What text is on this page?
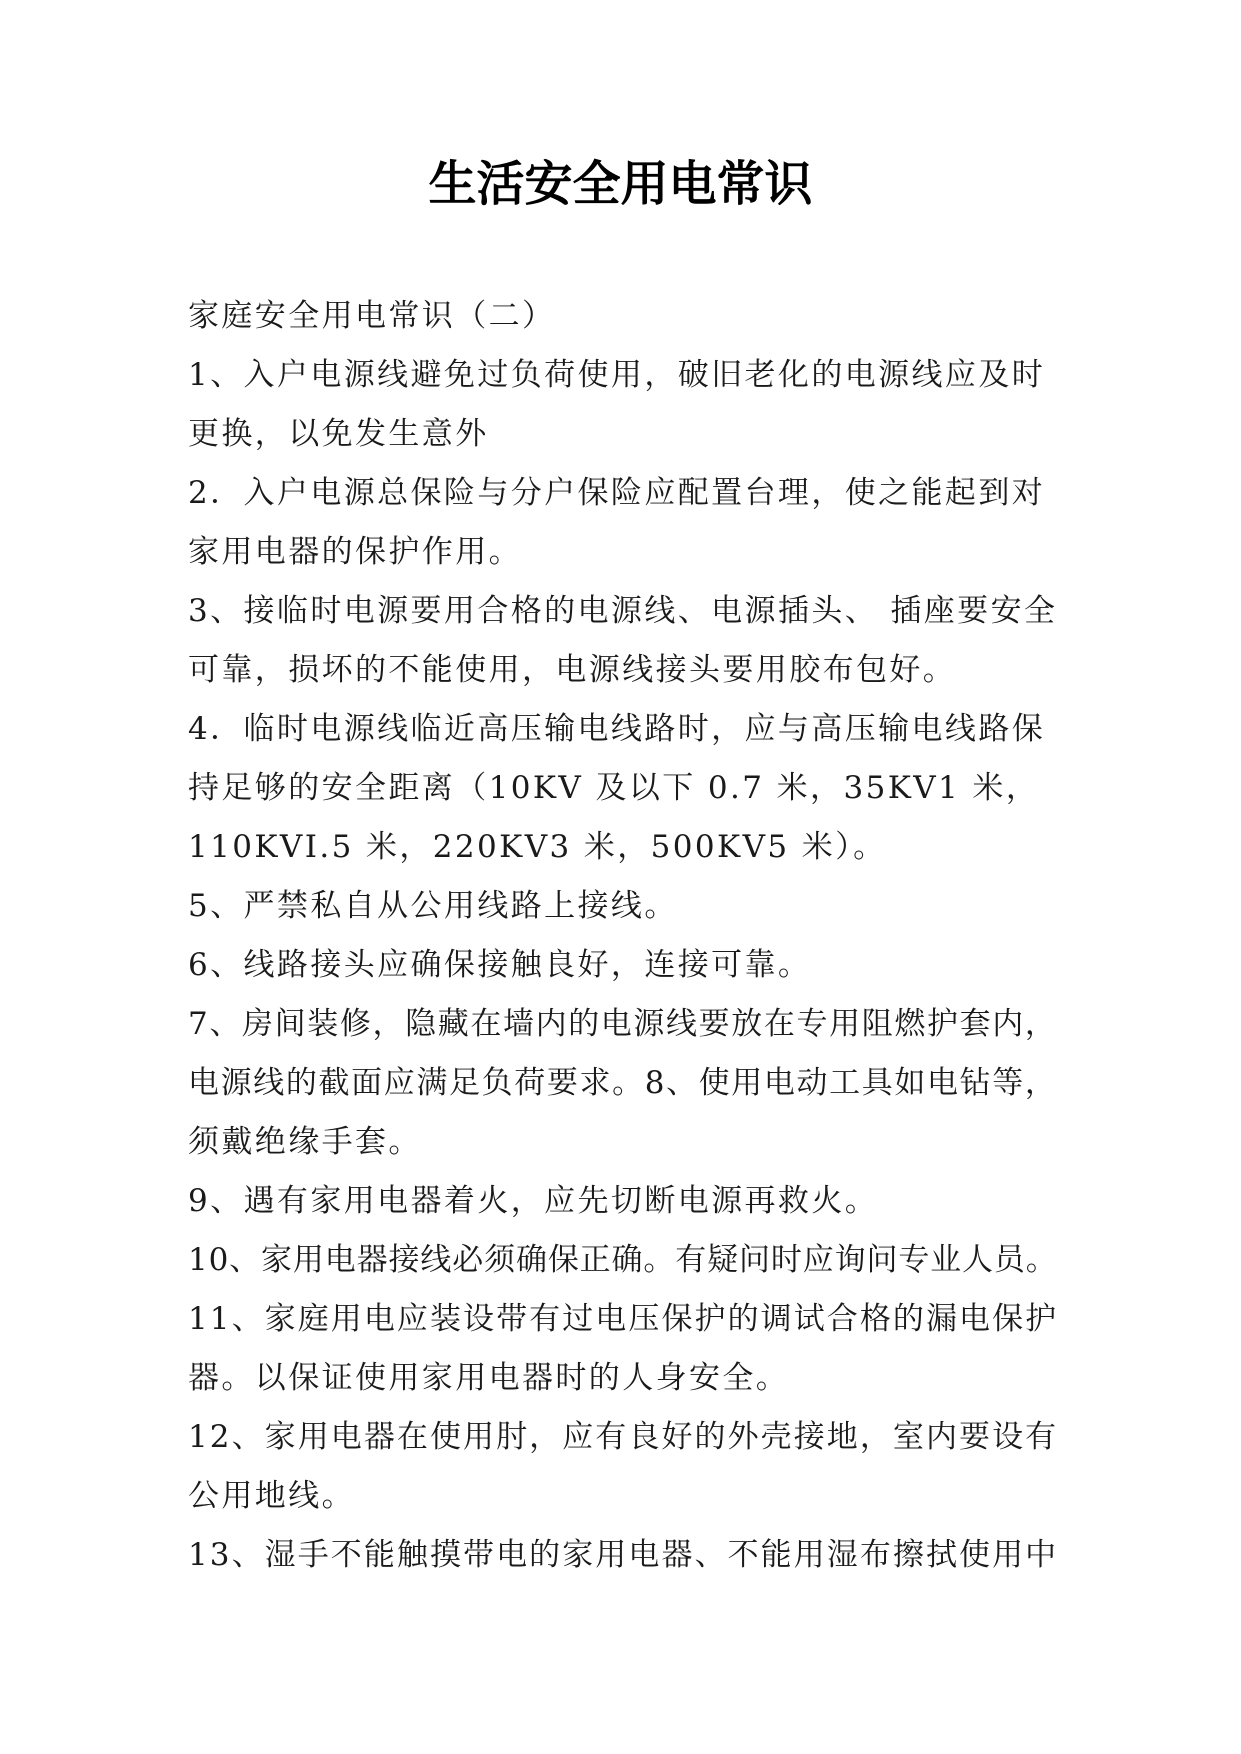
生活安全用电常识
家庭安全用电常识（二）
1、入户电源线避免过负荷使用，破旧老化的电源线应及时
更换，以免发生意外
2．入户电源总保险与分户保险应配置台理，使之能起到对
家用电器的保护作用。
3、接临时电源要用合格的电源线、电源插头、 插座要安全
可靠，损坏的不能使用，电源线接头要用胶布包好。
4．临时电源线临近高压输电线路时，应与高压输电线路保
持足够的安全距离（10KV 及以下 0.7 米，35KV1 米，
110KVI.5 米，220KV3 米，500KV5 米）。
5、严禁私自从公用线路上接线。
6、线路接头应确保接触良好，连接可靠。
7、房间装修，隐藏在墙内的电源线要放在专用阻燃护套内，
电源线的截面应满足负荷要求。8、使用电动工具如电钻等，
须戴绝缘手套。
9、遇有家用电器着火，应先切断电源再救火。
10、家用电器接线必须确保正确。有疑问时应询问专业人员。
11、家庭用电应装设带有过电压保护的调试合格的漏电保护
器。以保证使用家用电器时的人身安全。
12、家用电器在使用肘，应有良好的外壳接地，室内要设有
公用地线。
13、湿手不能触摸带电的家用电器、不能用湿布擦拭使用中
